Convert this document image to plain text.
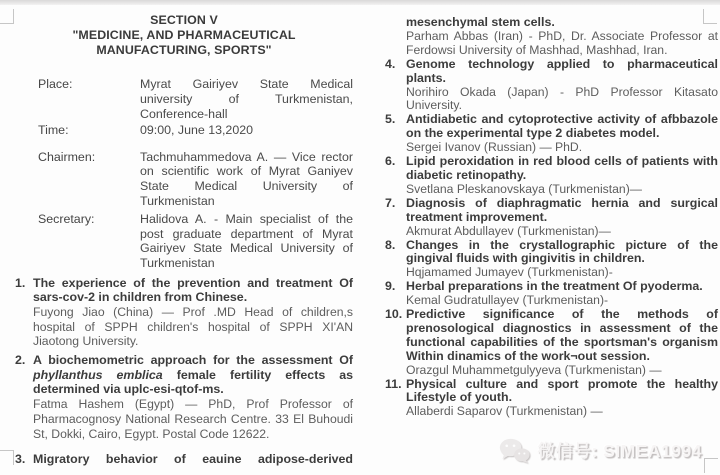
SECTION V
"MEDICINE, AND PHARMACEUTICAL
MANUFACTURING, SPORTS"
Place:	Myrat Gairiyev State Medical university of Turkmenistan, Conference-hall
Time:	09:00, June 13,2020
Chairmen:	Tachmuhammedova A. — Vice rector on scientific work of Myrat Ganiyev State Medical University of Turkmenistan
Secretary:	Halidova A. - Main specialist of the post graduate department of Myrat Gairiyev State Medical University of Turkmenistan
1. The experience of the prevention and treatment Of sars-cov-2 in children from Chinese.
Fuyong Jiao (China) — Prof .MD Head of children,s hospital of SPPH children's hospital of SPPH XI'AN Jiaotong University.
2. A biochemometric approach for the assessment Of phyllanthus emblica female fertility effects as determined via uplc-esi-qtof-ms.
Fatma Hashem (Egypt) — PhD, Prof Professor of Pharmacognosy National Research Centre. 33 El Buhoudi St, Dokki, Cairo, Egypt. Postal Code 12622.
3. Migratory behavior of eauine adipose-derived
mesenchymal stem cells.
Parham Abbas (Iran) - PhD, Dr. Associate Professor at Ferdowsi University of Mashhad, Mashhad, Iran.
4. Genome technology applied to pharmaceutical plants.
Norihiro Okada (Japan) - PhD Professor Kitasato University.
5. Antidiabetic and cytoprotective activity of afbbazole on the experimental type 2 diabetes model.
Sergei Ivanov (Russian) — PhD.
6. Lipid peroxidation in red blood cells of patients with diabetic retinopathy.
Svetlana Pleskanovskaya (Turkmenistan)—
7. Diagnosis of diaphragmatic hernia and surgical treatment improvement.
Akmurat Abdullayev (Turkmenistan)—
8. Changes in the crystallographic picture of the gingival fluids with gingivitis in children.
Hqjamamed Jumayev (Turkmenistan)-
9. Herbal preparations in the treatment Of pyoderma.
Kemal Gudratullayev (Turkmenistan)-
10. Predictive significance of the methods of prenosological diagnostics in assessment of the functional capabilities of the sportsman's organism Within dinamics of the work¬out session.
Orazgul Muhammetgulyyeva (Turkmenistan) —
11. Physical culture and sport promote the healthy Lifestyle of youth.
Allaberdi Saparov (Turkmenistan) —
微信号: SIMEA1994
